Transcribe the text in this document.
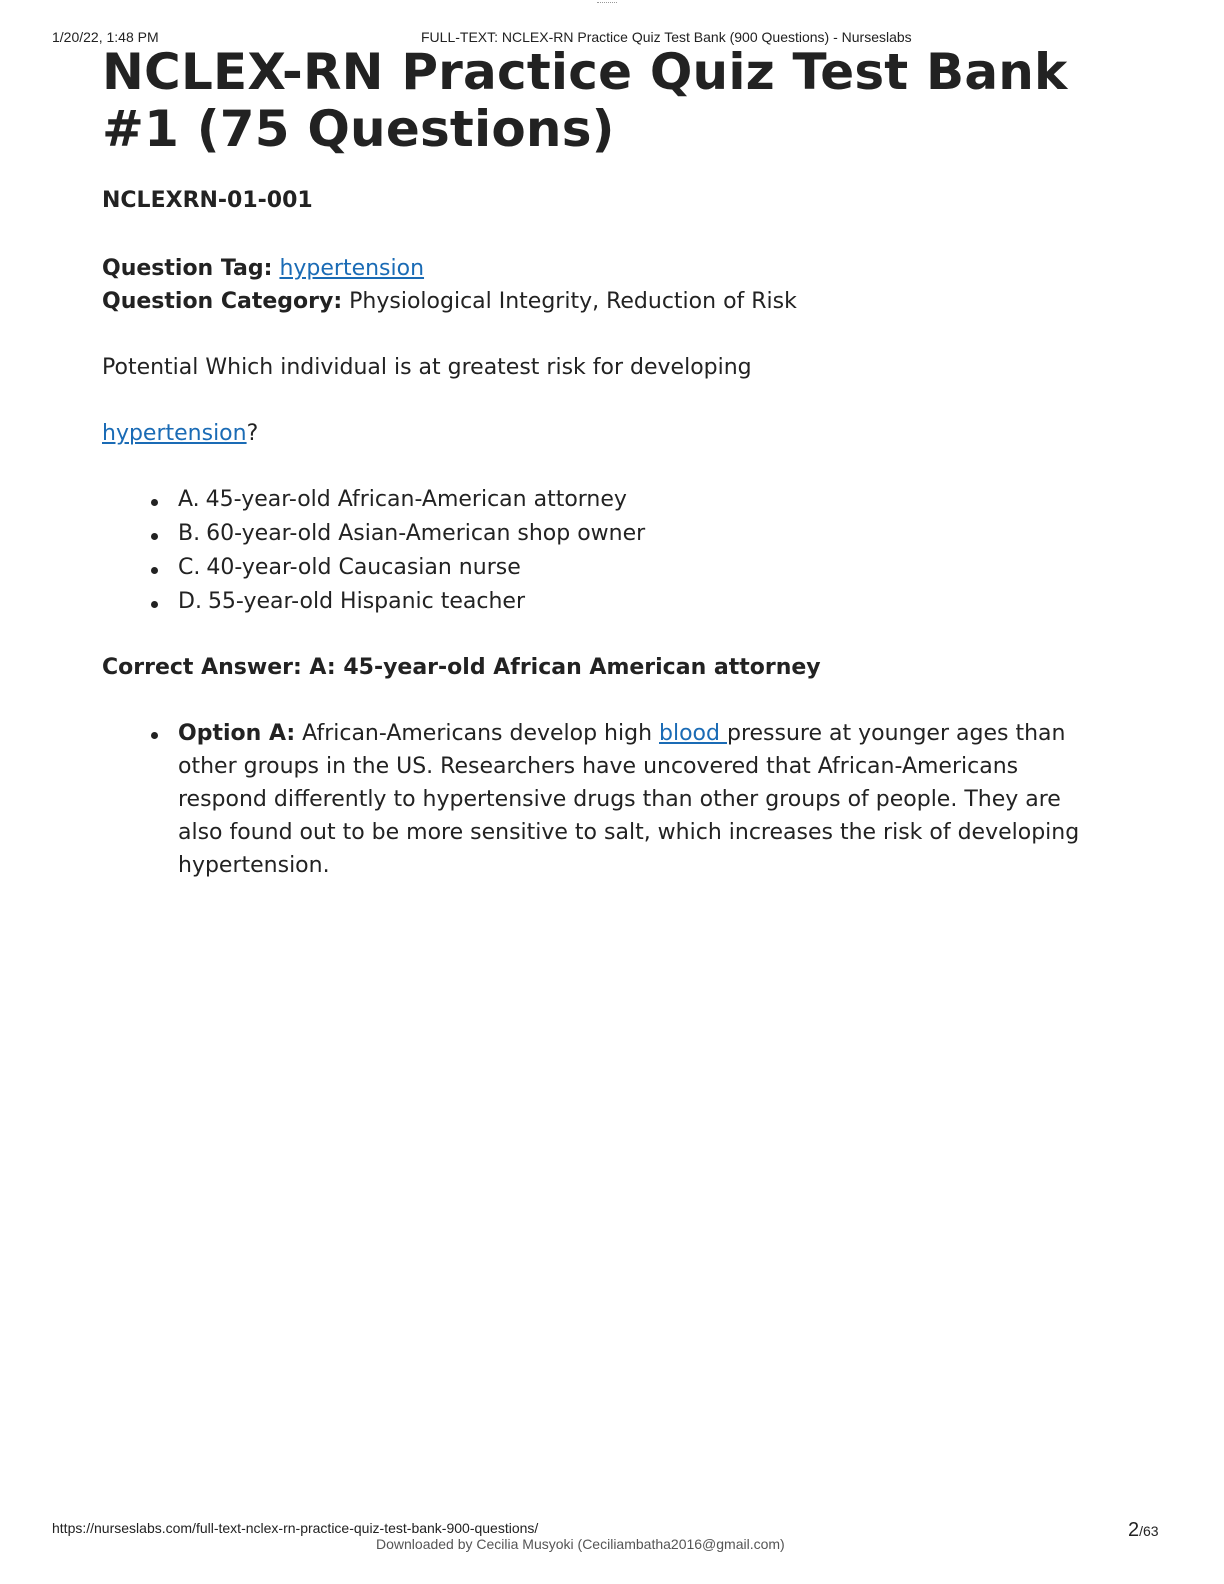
1/20/22, 1:48 PM	FULL-TEXT: NCLEX-RN Practice Quiz Test Bank (900 Questions) - Nurseslabs
NCLEX-RN Practice Quiz Test Bank #1 (75 Questions)
NCLEXRN-01-001
Question Tag: hypertension
Question Category: Physiological Integrity, Reduction of Risk
Potential Which individual is at greatest risk for developing
hypertension?
A. 45-year-old African-American attorney
B. 60-year-old Asian-American shop owner
C. 40-year-old Caucasian nurse
D. 55-year-old Hispanic teacher
Correct Answer: A: 45-year-old African American attorney
Option A: African-Americans develop high blood pressure at younger ages than other groups in the US. Researchers have uncovered that African-Americans respond differently to hypertensive drugs than other groups of people. They are also found out to be more sensitive to salt, which increases the risk of developing hypertension.
https://nurseslabs.com/full-text-nclex-rn-practice-quiz-test-bank-900-questions/	2/63
Downloaded by Cecilia Musyoki (Ceciliambatha2016@gmail.com)
